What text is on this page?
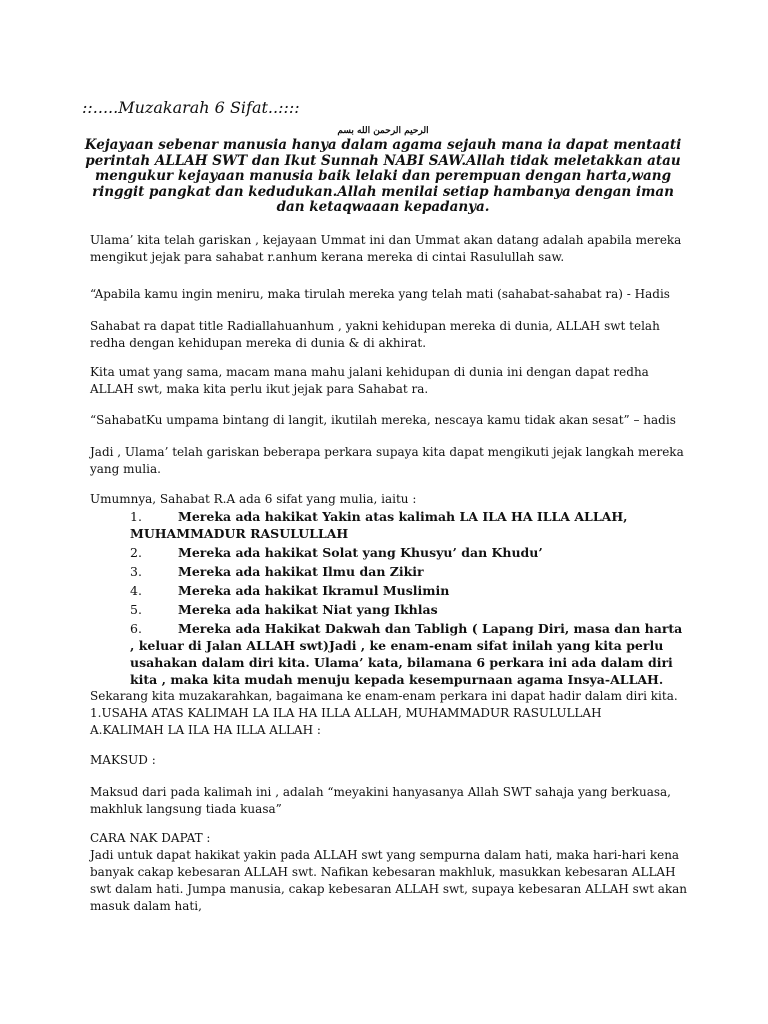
::.....Muzakarah 6 Sifat..::::
الرحيم الرحمن الله بسم
Kejayaan sebenar manusia hanya dalam agama sejauh mana ia dapat mentaati perintah ALLAH SWT dan Ikut Sunnah NABI SAW.Allah tidak meletakkan atau mengukur kejayaan manusia baik lelaki dan perempuan dengan harta,wang ringgit pangkat dan kedudukan.Allah menilai setiap hambanya dengan iman dan ketaqwaaan kepadanya.

Ulama’ kita telah gariskan , kejayaan Ummat ini dan Ummat akan datang adalah apabila mereka mengikut jejak para sahabat r.anhum kerana mereka di cintai Rasulullah saw.

“Apabila kamu ingin meniru, maka tirulah mereka yang telah mati (sahabat-sahabat ra) - Hadis

Sahabat ra dapat title Radiallahuanhum , yakni kehidupan mereka di dunia, ALLAH swt telah redha dengan kehidupan mereka di dunia & di akhirat.

Kita umat yang sama, macam mana mahu jalani kehidupan di dunia ini dengan dapat redha ALLAH swt, maka kita perlu ikut jejak para Sahabat ra.

“SahabatKu umpama bintang di langit, ikutilah mereka, nescaya kamu tidak akan sesat” – hadis

Jadi , Ulama’ telah gariskan beberapa perkara supaya kita dapat mengikuti jejak langkah mereka yang mulia.

Umumnya, Sahabat R.A ada 6 sifat yang mulia, iaitu :

1.	Mereka ada hakikat Yakin atas kalimah LA ILA HA ILLA ALLAH, MUHAMMADUR RASULULLAH
2.	Mereka ada hakikat Solat yang Khusyu’ dan Khudu’
3.	Mereka ada hakikat Ilmu dan Zikir
4.	Mereka ada hakikat Ikramul Muslimin
5.	Mereka ada hakikat Niat yang Ikhlas
6.	Mereka ada Hakikat Dakwah dan Tabligh ( Lapang Diri, masa dan harta , keluar di Jalan ALLAH swt)Jadi , ke enam-enam sifat inilah yang kita perlu usahakan dalam diri kita. Ulama’ kata, bilamana 6 perkara ini ada dalam diri kita , maka kita mudah menuju kepada kesempurnaan agama Insya-ALLAH.

Sekarang kita muzakarahkan, bagaimana ke enam-enam perkara ini dapat hadir dalam diri kita.

1.USAHA ATAS KALIMAH LA ILA HA ILLA ALLAH, MUHAMMADUR RASULULLAH

A.KALIMAH LA ILA HA ILLA ALLAH :

MAKSUD :

Maksud dari pada kalimah ini , adalah “meyakini hanyasanya Allah SWT sahaja yang berkuasa, makhluk langsung tiada kuasa”

CARA NAK DAPAT :

Jadi untuk dapat hakikat yakin pada ALLAH swt yang sempurna dalam hati, maka hari-hari kena banyak cakap kebesaran ALLAH swt. Nafikan kebesaran makhluk, masukkan kebesaran ALLAH swt dalam hati. Jumpa manusia, cakap kebesaran ALLAH swt, supaya kebesaran ALLAH swt akan masuk dalam hati,
